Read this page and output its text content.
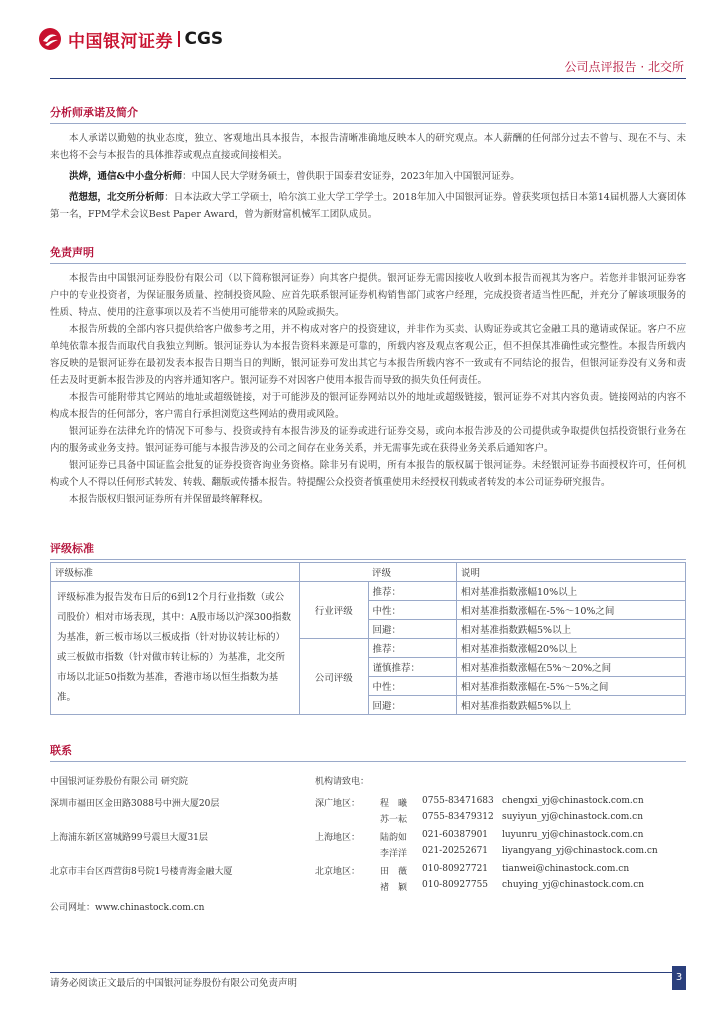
中国银河证券 CGS
公司点评报告 · 北交所
分析师承诺及简介

本人承诺以勤勉的执业态度，独立、客观地出具本报告，本报告清晰准确地反映本人的研究观点。本人薪酬的任何部分过去不曾与、现在不与、未来也将不会与本报告的具体推荐或观点直接或间接相关。

洪烨，通信&中小盘分析师：中国人民大学财务硕士，曾供职于国泰君安证券，2023年加入中国银河证券。

范想想，北交所分析师：日本法政大学工学硕士，哈尔滨工业大学工学学士。2018年加入中国银河证券。曾获奖项包括日本第14届机器人大赛团体第一名，FPM学术会议Best Paper Award，曾为新财富机械军工团队成员。

免责声明

本报告由中国银河证券股份有限公司（以下简称银河证券）向其客户提供。银河证券无需因接收人收到本报告而视其为客户。若您并非银河证券客户中的专业投资者，为保证服务质量、控制投资风险、应首先联系银河证券机构销售部门或客户经理，完成投资者适当性匹配，并充分了解该项服务的性质、特点、使用的注意事项以及若不当使用可能带来的风险或损失。

本报告所载的全部内容只提供给客户做参考之用，并不构成对客户的投资建议，并非作为买卖、认购证券或其它金融工具的邀请或保证。客户不应单纯依靠本报告而取代自我独立判断。银河证券认为本报告资料来源是可靠的，所载内容及观点客观公正，但不担保其准确性或完整性。本报告所载内容反映的是银河证券在最初发表本报告日期当日的判断，银河证券可发出其它与本报告所载内容不一致或有不同结论的报告，但银河证券没有义务和责任去及时更新本报告涉及的内容并通知客户。银河证券不对因客户使用本报告而导致的损失负任何责任。

本报告可能附带其它网站的地址或超级链接，对于可能涉及的银河证券网站以外的地址或超级链接，银河证券不对其内容负责。链接网站的内容不构成本报告的任何部分，客户需自行承担浏览这些网站的费用或风险。

银河证券在法律允许的情况下可参与、投资或持有本报告涉及的证券或进行证券交易，或向本报告涉及的公司提供或争取提供包括投资银行业务在内的服务或业务支持。银河证券可能与本报告涉及的公司之间存在业务关系，并无需事先或在获得业务关系后通知客户。

银河证券已具备中国证监会批复的证券投资咨询业务资格。除非另有说明，所有本报告的版权属于银河证券。未经银河证券书面授权许可，任何机构或个人不得以任何形式转发、转载、翻版或传播本报告。特提醒公众投资者慎重使用未经授权刊载或者转发的本公司证券研究报告。

本报告版权归银河证券所有并保留最终解释权。

评级标准
评级标准		评级	说明
评级标准为报告发布日后的6到12个月行业指数（或公司股价）相对市场表现，其中：A股市场以沪深300指数为基准，新三板市场以三板成指（针对协议转让标的）或三板做市指数（针对做市转让标的）为基准，北交所市场以北证50指数为基准，香港市场以恒生指数为基准。	行业评级	推荐：	相对基准指数涨幅10%以上
		中性：	相对基准指数涨幅在-5%～10%之间
		回避：	相对基准指数跌幅5%以上
	公司评级	推荐：	相对基准指数涨幅20%以上
		谨慎推荐：	相对基准指数涨幅在5%～20%之间
		中性：	相对基准指数涨幅在-5%～5%之间
		回避：	相对基准指数跌幅5%以上
联系
中国银河证券股份有限公司 研究院	机构请致电：
深圳市福田区金田路3088号中洲大厦20层	深广地区： 程　曦 0755-83471683 chengxi_yj@chinastock.com.cn
苏一耘 0755-83479312 suyiyun_yj@chinastock.com.cn
上海浦东新区富城路99号震旦大厦31层	上海地区： 陆韵如 021-60387901 luyunru_yj@chinastock.com.cn
李洋洋 021-20252671 liyangyang_yj@chinastock.com.cn
北京市丰台区西营街8号院1号楼青海金融大厦	北京地区： 田　薇 010-80927721 tianwei@chinastock.com.cn
褚　颖 010-80927755 chuying_yj@chinastock.com.cn
公司网址：www.chinastock.com.cn
请务必阅读正文最后的中国银河证券股份有限公司免责声明
3
